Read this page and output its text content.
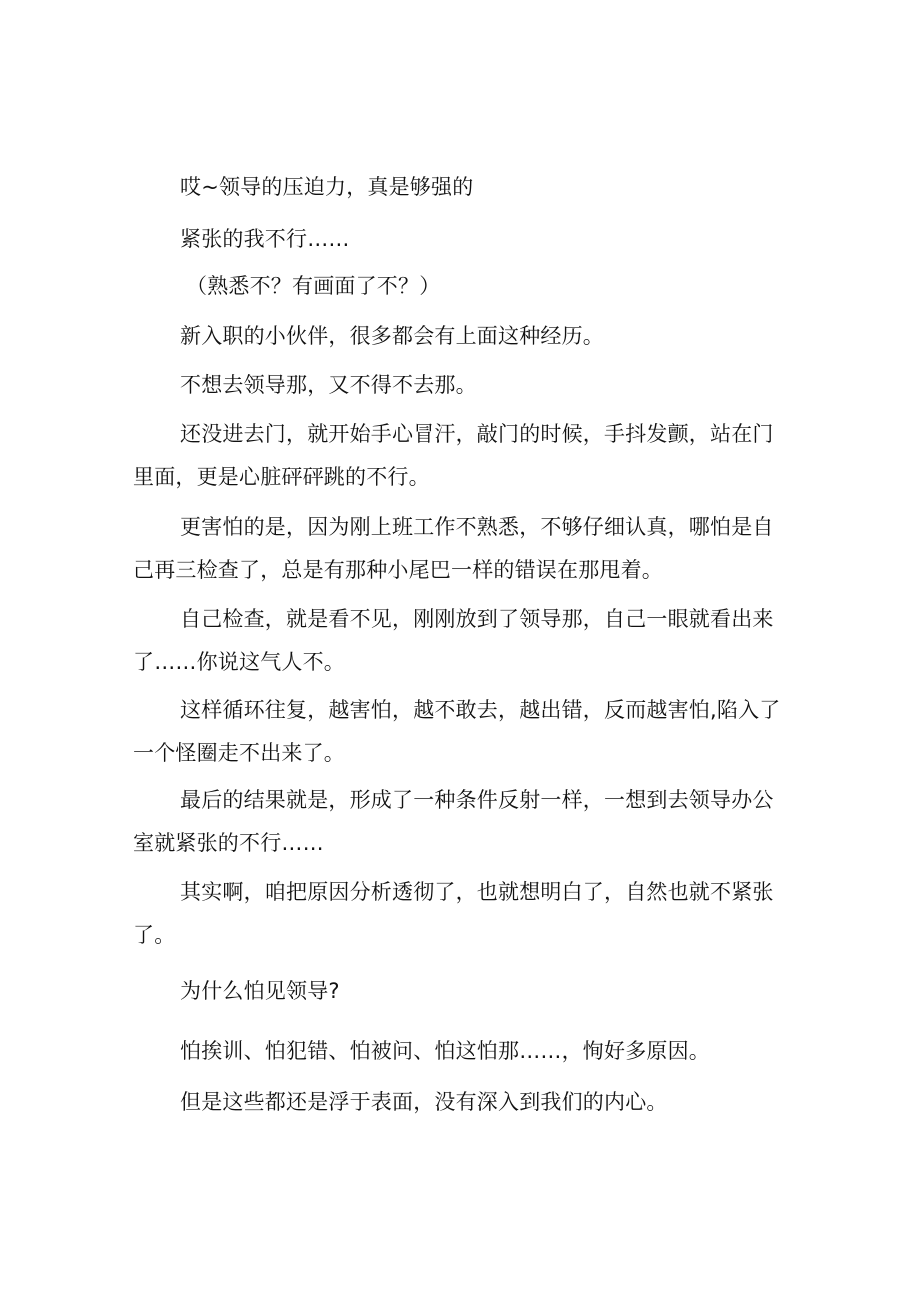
哎~领导的压迫力，真是够强的

紧张的我不行……

（熟悉不？有画面了不？）

新入职的小伙伴，很多都会有上面这种经历。

不想去领导那，又不得不去那。

还没进去门，就开始手心冒汗，敲门的时候，手抖发颤，站在门里面，更是心脏砰砰跳的不行。

更害怕的是，因为刚上班工作不熟悉，不够仔细认真，哪怕是自己再三检查了，总是有那种小尾巴一样的错误在那甩着。

自己检查，就是看不见，刚刚放到了领导那，自己一眼就看出来了……你说这气人不。

这样循环往复，越害怕，越不敢去，越出错，反而越害怕,陷入了一个怪圈走不出来了。

最后的结果就是，形成了一种条件反射一样，一想到去领导办公室就紧张的不行……

其实啊，咱把原因分析透彻了，也就想明白了，自然也就不紧张了。

为什么怕见领导?

怕挨训、怕犯错、怕被问、怕这怕那……，恂好多原因。

但是这些都还是浮于表面，没有深入到我们的内心。
